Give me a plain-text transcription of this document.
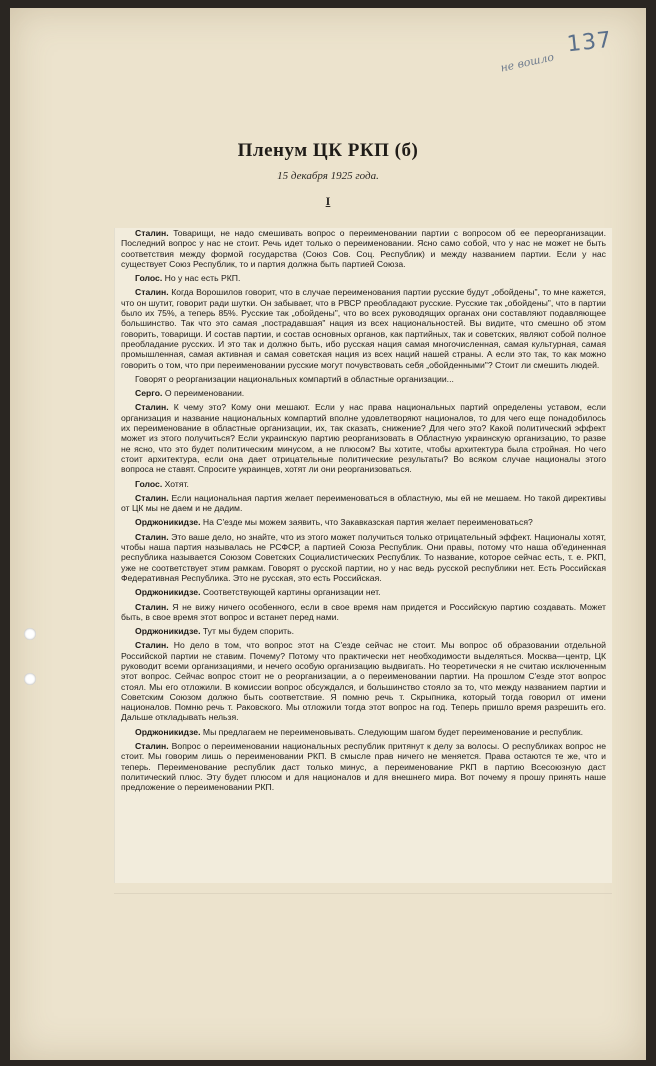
137
не вошло
Пленум ЦК РКП (б)
15 декабря 1925 года.
I

Сталин. Товарищи, не надо смешивать вопрос о переименовании партии с вопросом об ее переорганизации. Последний вопрос у нас не стоит. Речь идет только о переименовании. Ясно само собой, что у нас не может не быть соответствия между формой государства (Союз Сов. Соц. Республик) и между названием партии. Если у нас существует Союз Республик, то и партия должна быть партией Союза.

Голос. Но у нас есть РКП.

Сталин. Когда Ворошилов говорит, что в случае переименования партии русские будут „обойдены", то мне кажется, что он шутит, говорит ради шутки. Он забывает, что в РВСР преобладают русские. Русские так „обойдены", что в партии было их 75%, а теперь 85%. Русские так „обойдены", что во всех руководящих органах они составляют подавляющее большинство. Так что это самая „пострадавшая" нация из всех национальностей. Вы видите, что смешно об этом говорить, товарищи. И состав партии, и состав основных органов, как партийных, так и советских, являют собой полное преобладание русских. И это так и должно быть, ибо русская нация самая многочисленная, самая культурная, самая промышленная, самая активная и самая советская нация из всех наций нашей страны. А если это так, то как можно говорить о том, что при переименовании русские могут почувствовать себя „обойденными"? Стоит ли смешить людей.

Говорят о реорганизации национальных компартий в областные организации...

Серго. О переименовании.

Сталин. К чему это? Кому они мешают. Если у нас права национальных партий определены уставом, если организация и название национальных компартий вполне удовлетворяют националов, то для чего еще понадобилось их переименование в областные организации, их, так сказать, снижение? Для чего это? Какой политический эффект может из этого получиться? Если украинскую партию реорганизовать в Областную украинскую организацию, то разве не ясно, что это будет политическим минусом, а не плюсом? Вы хотите, чтобы архитектура была стройная. Но чего стоит архитектура, если она дает отрицательные политические результаты? Во всяком случае националы этого вопроса не ставят. Спросите украинцев, хотят ли они реорганизоваться.

Голос. Хотят.

Сталин. Если национальная партия желает переименоваться в областную, мы ей не мешаем. Но такой директивы от ЦК мы не даем и не дадим.

Орджоникидзе. На С'езде мы можем заявить, что Закавказская партия желает переименоваться?

Сталин. Это ваше дело, но знайте, что из этого может получиться только отрицательный эффект. Националы хотят, чтобы наша партия называлась не РСФСР, а партией Союза Республик. Они правы, потому что наша об'единенная республика называется Союзом Советских Социалистических Республик. То название, которое сейчас есть, т. е. РКП, уже не соответствует этим рамкам. Говорят о русской партии, но у нас ведь русской республики нет. Есть Российская Федеративная Республика. Это не русская, это есть Российская.

Орджоникидзе. Соответствующей картины организации нет.

Сталин. Я не вижу ничего особенного, если в свое время нам придется и Российскую партию создавать. Может быть, в свое время этот вопрос и встанет перед нами.

Орджоникидзе. Тут мы будем спорить.

Сталин. Но дело в том, что вопрос этот на С'езде сейчас не стоит. Мы вопрос об образовании отдельной Российской партии не ставим. Почему? Потому что практически нет необходимости выделяться. Москва—центр, ЦК руководит всеми организациями, и нечего особую организацию выдвигать. Но теоретически я не считаю исключенным этот вопрос. Сейчас вопрос стоит не о реорганизации, а о переименовании партии. На прошлом С'езде этот вопрос стоял. Мы его отложили. В комиссии вопрос обсуждался, и большинство стояло за то, что между названием партии и Советским Союзом должно быть соответствие. Я помню речь т. Скрыпника, который тогда говорил от имени националов. Помню речь т. Раковского. Мы отложили тогда этот вопрос на год. Теперь пришло время разрешить его. Дальше откладывать нельзя.

Орджоникидзе. Мы предлагаем не переименовывать. Следующим шагом будет переименование и республик.

Сталин. Вопрос о переименовании национальных республик притянут к делу за волосы. О республиках вопрос не стоит. Мы говорим лишь о переименовании РКП. В смысле прав ничего не меняется. Права остаются те же, что и теперь. Переименование республик даст только минус, а переименование РКП в партию Всесоюзную даст политический плюс. Эту будет плюсом и для националов и для внешнего мира. Вот почему я прошу принять наше предложение о переименовании РКП.
